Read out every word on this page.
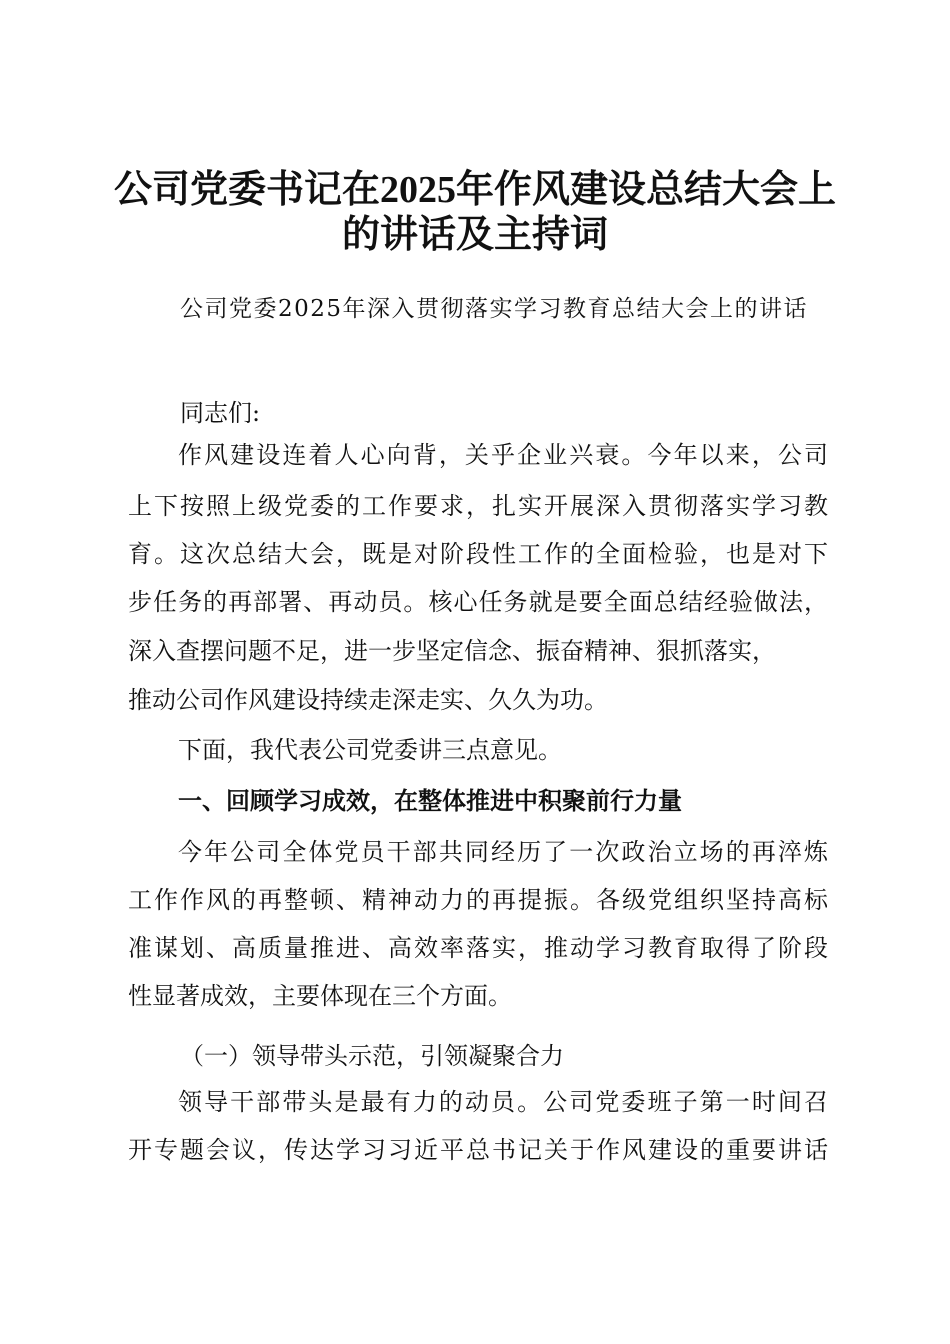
公司党委书记在2025年作风建设总结大会上
的讲话及主持词
公司党委2025年深入贯彻落实学习教育总结大会上的讲话
同志们:
作风建设连着人心向背，关乎企业兴衰。今年以来，公司
上下按照上级党委的工作要求，扎实开展深入贯彻落实学习教
育。这次总结大会，既是对阶段性工作的全面检验，也是对下
步任务的再部署、再动员。核心任务就是要全面总结经验做法，
深入查摆问题不足，进一步坚定信念、振奋精神、狠抓落实，
推动公司作风建设持续走深走实、久久为功。
下面，我代表公司党委讲三点意见。
一、回顾学习成效，在整体推进中积聚前行力量
今年公司全体党员干部共同经历了一次政治立场的再淬炼
工作作风的再整顿、精神动力的再提振。各级党组织坚持高标
准谋划、高质量推进、高效率落实，推动学习教育取得了阶段
性显著成效，主要体现在三个方面。
（一）领导带头示范，引领凝聚合力
领导干部带头是最有力的动员。公司党委班子第一时间召
开专题会议，传达学习习近平总书记关于作风建设的重要讲话
